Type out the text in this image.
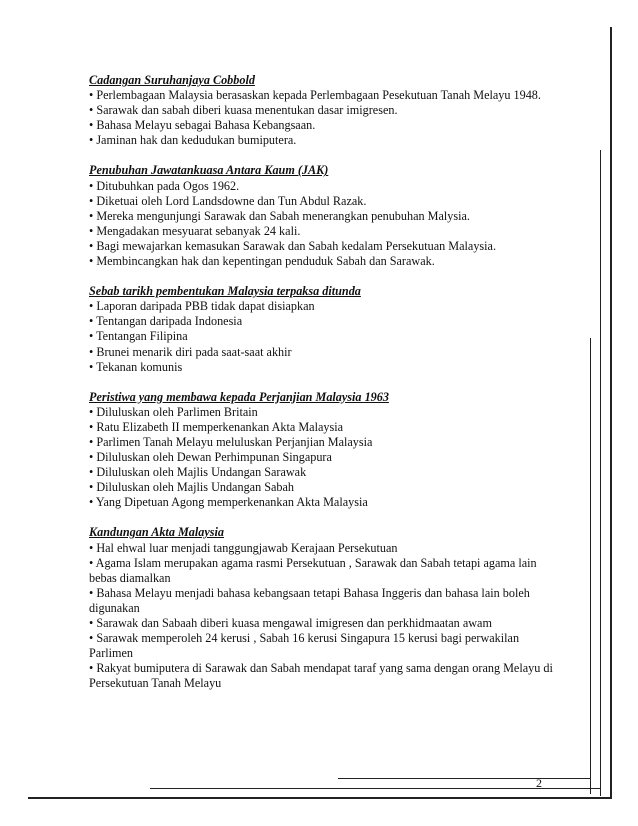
Cadangan Suruhanjaya Cobbold
• Perlembagaan Malaysia berasaskan kepada Perlembagaan Pesekutuan Tanah Melayu 1948.
• Sarawak dan sabah diberi kuasa menentukan dasar imigresen.
• Bahasa Melayu sebagai Bahasa Kebangsaan.
• Jaminan hak dan kedudukan bumiputera.
Penubuhan Jawatankuasa Antara Kaum (JAK)
• Ditubuhkan pada Ogos 1962.
• Diketuai oleh Lord Landsdowne dan Tun Abdul Razak.
• Mereka mengunjungi Sarawak dan Sabah menerangkan penubuhan Malysia.
• Mengadakan mesyuarat sebanyak 24 kali.
• Bagi mewajarkan kemasukan Sarawak dan Sabah kedalam Persekutuan Malaysia.
• Membincangkan hak dan kepentingan penduduk Sabah dan Sarawak.
Sebab tarikh pembentukan Malaysia terpaksa ditunda
• Laporan daripada PBB tidak dapat disiapkan
• Tentangan daripada Indonesia
• Tentangan Filipina
• Brunei menarik diri pada saat-saat akhir
• Tekanan komunis
Peristiwa yang membawa kepada Perjanjian Malaysia 1963
• Diluluskan oleh Parlimen Britain
• Ratu Elizabeth II memperkenankan Akta Malaysia
• Parlimen Tanah Melayu meluluskan Perjanjian Malaysia
• Diluluskan oleh Dewan Perhimpunan Singapura
• Diluluskan oleh Majlis Undangan Sarawak
• Diluluskan oleh Majlis Undangan Sabah
• Yang Dipetuan Agong memperkenankan Akta Malaysia
Kandungan Akta Malaysia
• Hal ehwal luar menjadi tanggungjawab Kerajaan Persekutuan
• Agama Islam merupakan agama rasmi Persekutuan , Sarawak dan Sabah tetapi agama lain bebas diamalkan
• Bahasa Melayu menjadi bahasa kebangsaan tetapi Bahasa Inggeris dan bahasa lain boleh digunakan
• Sarawak dan Sabaah diberi kuasa mengawal imigresen dan perkhidmaatan awam
• Sarawak memperoleh 24 kerusi , Sabah 16 kerusi Singapura 15 kerusi bagi perwakilan Parlimen
• Rakyat bumiputera di Sarawak dan Sabah mendapat taraf yang sama dengan orang Melayu di Persekutuan Tanah Melayu
2
